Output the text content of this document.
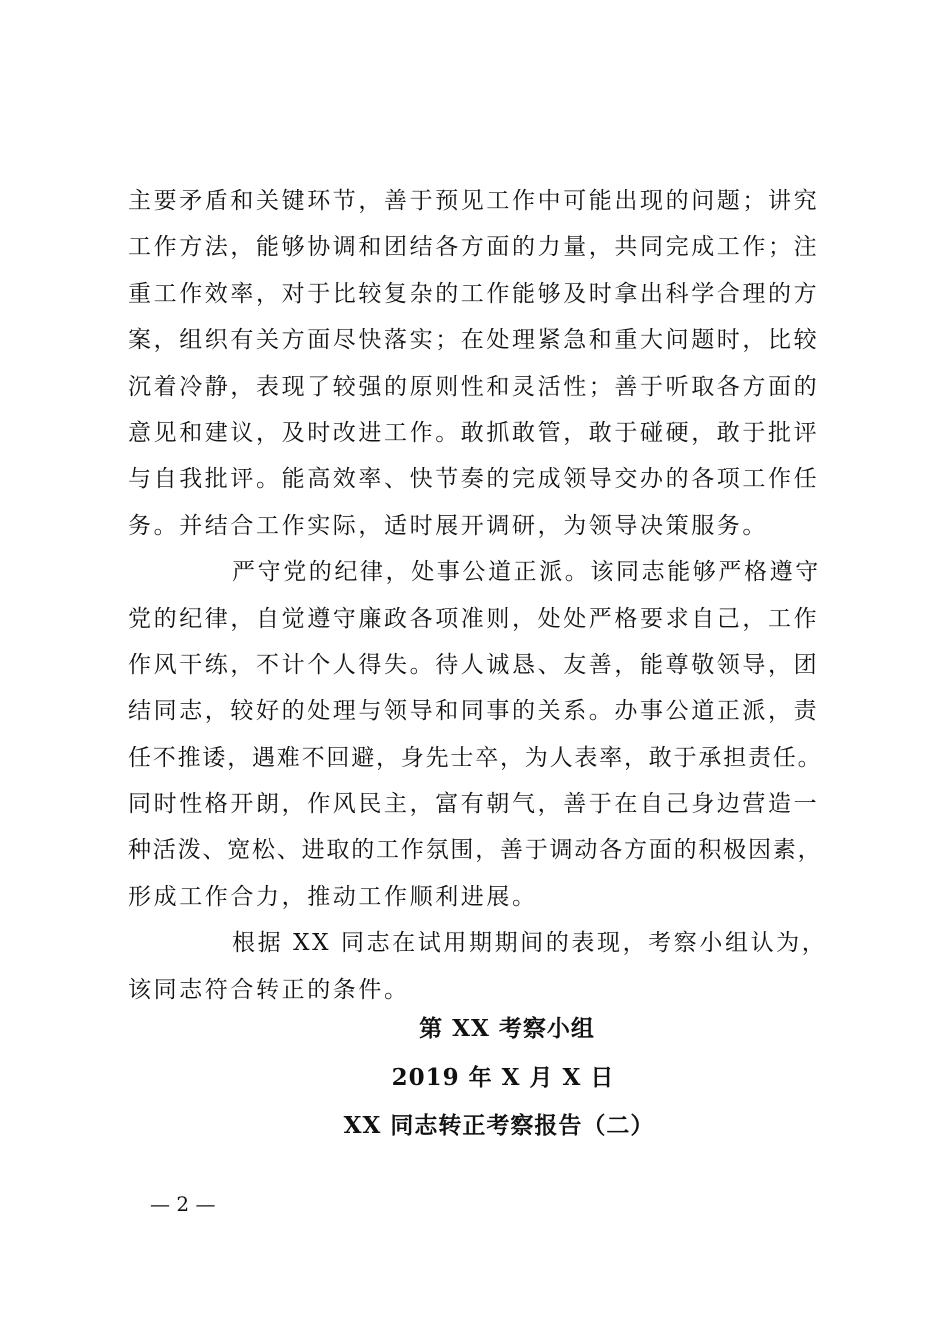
主要矛盾和关键环节，善于预见工作中可能出现的问题；讲究
工作方法，能够协调和团结各方面的力量，共同完成工作；注
重工作效率，对于比较复杂的工作能够及时拿出科学合理的方
案，组织有关方面尽快落实；在处理紧急和重大问题时，比较
沉着冷静，表现了较强的原则性和灵活性；善于听取各方面的
意见和建议，及时改进工作。敢抓敢管，敢于碰硬，敢于批评
与自我批评。能高效率、快节奏的完成领导交办的各项工作任
务。并结合工作实际，适时展开调研，为领导决策服务。
严守党的纪律，处事公道正派。该同志能够严格遵守
党的纪律，自觉遵守廉政各项准则，处处严格要求自己，工作
作风干练，不计个人得失。待人诚恳、友善，能尊敬领导，团
结同志，较好的处理与领导和同事的关系。办事公道正派，责
任不推诿，遇难不回避，身先士卒，为人表率，敢于承担责任。
同时性格开朗，作风民主，富有朝气，善于在自己身边营造一
种活泼、宽松、进取的工作氛围，善于调动各方面的积极因素，
形成工作合力，推动工作顺利进展。
根据 XX 同志在试用期期间的表现，考察小组认为，
该同志符合转正的条件。
第 XX 考察小组
2019 年 X 月 X 日
XX 同志转正考察报告（二）
— 2 —
